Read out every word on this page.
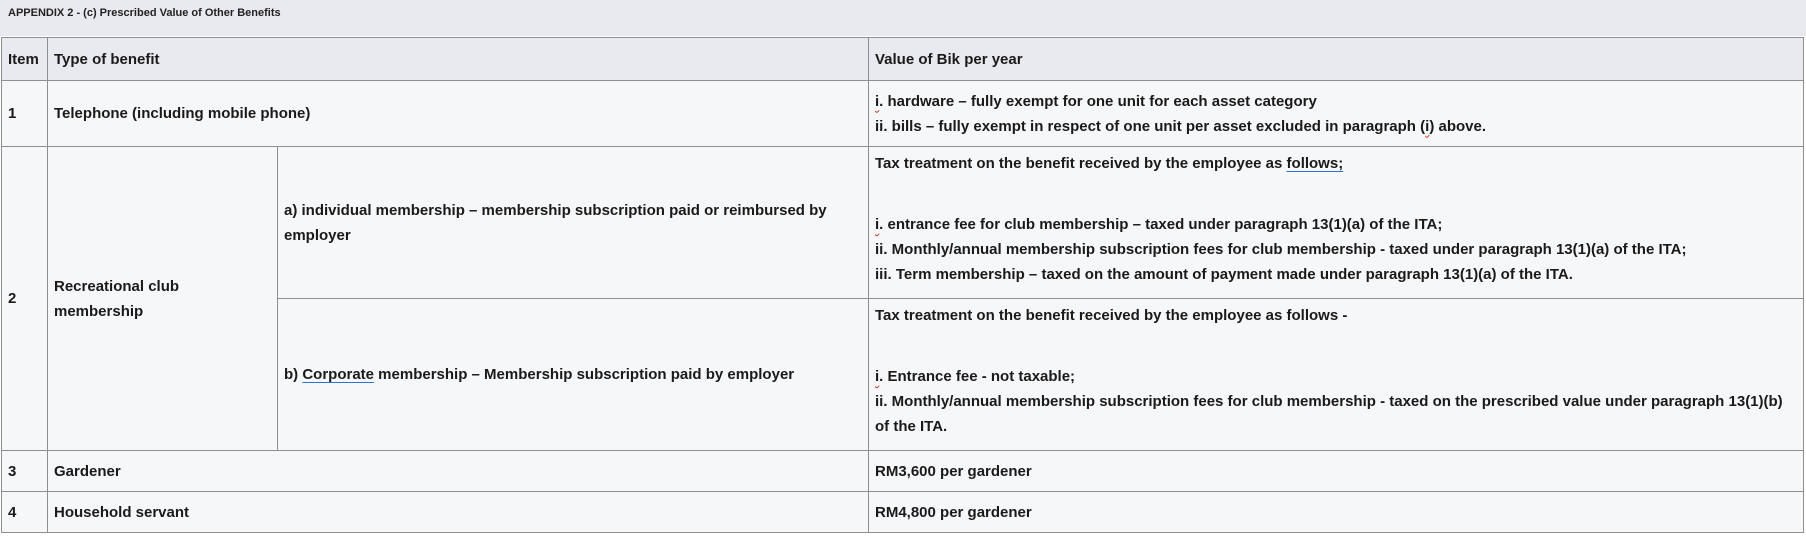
APPENDIX 2 - (c) Prescribed Value of Other Benefits
Item	Type of benefit		Value of Bik per year
1	Telephone (including mobile phone)		i. hardware – fully exempt for one unit for each asset category
ii. bills – fully exempt in respect of one unit per asset excluded in paragraph (i) above.

2	Recreational club membership	a) individual membership – membership subscription paid or reimbursed by employer	Tax treatment on the benefit received by the employee as follows;
i. entrance fee for club membership – taxed under paragraph 13(1)(a) of the ITA;
ii. Monthly/annual membership subscription fees for club membership - taxed under paragraph 13(1)(a) of the ITA;
iii. Term membership – taxed on the amount of payment made under paragraph 13(1)(a) of the ITA.

		b) Corporate membership – Membership subscription paid by employer	Tax treatment on the benefit received by the employee as follows -
i. Entrance fee - not taxable;
ii. Monthly/annual membership subscription fees for club membership - taxed on the prescribed value under paragraph 13(1)(b) of the ITA.

3	Gardener		RM3,600 per gardener
4	Household servant		RM4,800 per gardener
